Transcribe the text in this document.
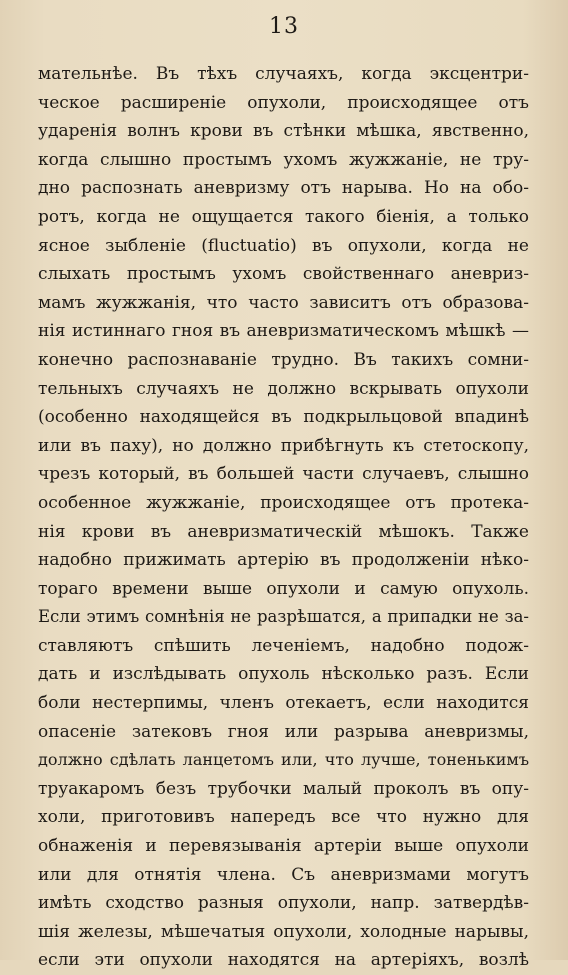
13
мательнѣе. Въ тѣхъ случаяхъ, когда эксцентри-
ческое расширеніе опухоли, происходящее отъ
ударенія волнъ крови въ стѣнки мѣшка, явственно,
когда слышно простымъ ухомъ жужжаніе, не тру-
дно распознать аневризму отъ нарыва. Но на обо-
ротъ, когда не ощущается такого біенія, а только
ясное зыбленіе (fluctuatio) въ опухоли, когда не
слыхать простымъ ухомъ свойственнаго аневриз-
мамъ жужжанія, что часто зависитъ отъ образова-
нія истиннаго гноя въ аневризматическомъ мѣшкѣ —
конечно распознаваніе трудно. Въ такихъ сомни-
тельныхъ случаяхъ не должно вскрывать опухоли
(особенно находящейся въ подкрыльцовой впадинѣ
или въ паху), но должно прибѣгнуть къ стетоскопу,
чрезъ который, въ большей части случаевъ, слышно
особенное жужжаніе, происходящее отъ протека-
нія крови въ аневризматическій мѣшокъ. Также
надобно прижимать артерію въ продолженіи нѣко-
тораго времени выше опухоли и самую опухоль.
Если этимъ сомнѣнія не разрѣшатся, а припадки не за-
ставляютъ спѣшить леченіемъ, надобно подож-
дать и изслѣдывать опухоль нѣсколько разъ. Если
боли нестерпимы, членъ отекаетъ, если находится
опасеніе затековъ гноя или разрыва аневризмы,
должно сдѣлать ланцетомъ или, что лучше, тоненькимъ
труакаромъ безъ трубочки малый проколъ въ опу-
холи, приготовивъ напередъ все что нужно для
обнаженія и перевязыванія артеріи выше опухоли
или для отнятія члена. Съ аневризмами могутъ
имѣть сходство разныя опухоли, напр. затвердѣв-
шія железы, мѣшечатыя опухоли, холодные нарывы,
если эти опухоли находятся на артеріяхъ, возлѣ
